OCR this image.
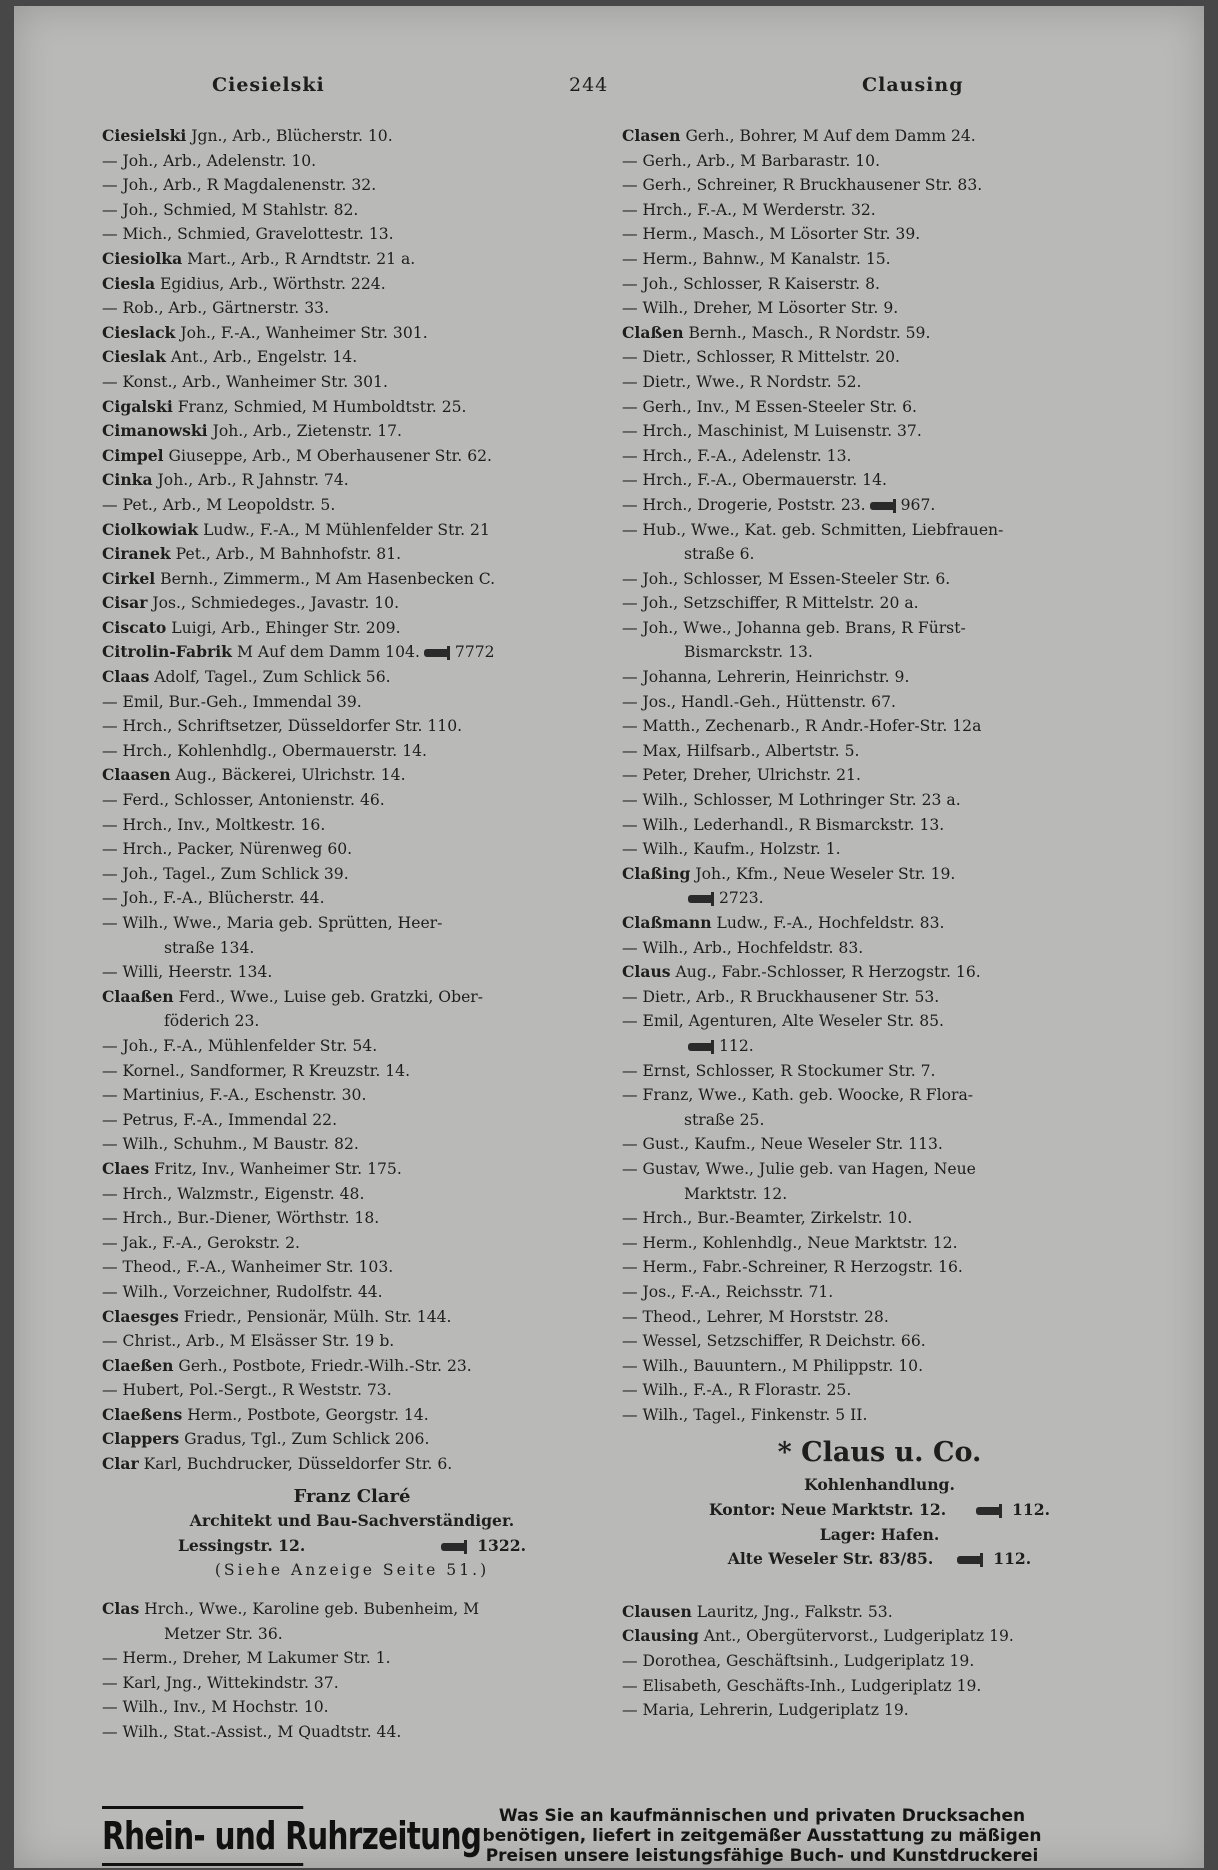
Ciesielski	244	Clausing
Ciesielski Jgn., Arb., Blücherstr. 10.
— Joh., Arb., Adelenstr. 10.
— Joh., Arb., R Magdalenenstr. 32.
— Joh., Schmied, M Stahlstr. 82.
— Mich., Schmied, Gravelottestr. 13.
Ciesiolka Mart., Arb., R Arndtstr. 21 a.
Ciesla Egidius, Arb., Wörthstr. 224.
— Rob., Arb., Gärtnerstr. 33.
Cieslack Joh., F.-A., Wanheimer Str. 301.
Cieslak Ant., Arb., Engelstr. 14.
— Konst., Arb., Wanheimer Str. 301.
Cigalski Franz, Schmied, M Humboldtstr. 25.
Cimanowski Joh., Arb., Zietenstr. 17.
Cimpel Giuseppe, Arb., M Oberhausener Str. 62.
Cinka Joh., Arb., R Jahnstr. 74.
— Pet., Arb., M Leopoldstr. 5.
Ciolkowiak Ludw., F.-A., M Mühlenfelder Str. 21
Ciranek Pet., Arb., M Bahnhofstr. 81.
Cirkel Bernh., Zimmerm., M Am Hasenbecken C.
Cisar Jos., Schmiedeges., Javastr. 10.
Ciscato Luigi, Arb., Ehinger Str. 209.
Citrolin-Fabrik M Auf dem Damm 104. 7772
Claas Adolf, Tagel., Zum Schlick 56.
— Emil, Bur.-Geh., Immendal 39.
— Hrch., Schriftsetzer, Düsseldorfer Str. 110.
— Hrch., Kohlenhdlg., Obermauerstr. 14.
Claasen Aug., Bäckerei, Ulrichstr. 14.
— Ferd., Schlosser, Antonienstr. 46.
— Hrch., Inv., Moltkestr. 16.
— Hrch., Packer, Nürenweg 60.
— Joh., Tagel., Zum Schlick 39.
— Joh., F.-A., Blücherstr. 44.
— Wilh., Wwe., Maria geb. Sprütten, Heer-
straße 134.
— Willi, Heerstr. 134.
Claaßen Ferd., Wwe., Luise geb. Gratzki, Ober-
föderich 23.
— Joh., F.-A., Mühlenfelder Str. 54.
— Kornel., Sandformer, R Kreuzstr. 14.
— Martinius, F.-A., Eschenstr. 30.
— Petrus, F.-A., Immendal 22.
— Wilh., Schuhm., M Baustr. 82.
Claes Fritz, Inv., Wanheimer Str. 175.
— Hrch., Walzmstr., Eigenstr. 48.
— Hrch., Bur.-Diener, Wörthstr. 18.
— Jak., F.-A., Gerokstr. 2.
— Theod., F.-A., Wanheimer Str. 103.
— Wilh., Vorzeichner, Rudolfstr. 44.
Claesges Friedr., Pensionär, Mülh. Str. 144.
— Christ., Arb., M Elsässer Str. 19 b.
Claeßen Gerh., Postbote, Friedr.-Wilh.-Str. 23.
— Hubert, Pol.-Sergt., R Weststr. 73.
Claeßens Herm., Postbote, Georgstr. 14.
Clappers Gradus, Tgl., Zum Schlick 206.
Clar Karl, Buchdrucker, Düsseldorfer Str. 6.
Franz Claré
Architekt und Bau-Sachverständiger.
Lessingstr. 12.	1322.
(Siehe Anzeige Seite 51.)
Clas Hrch., Wwe., Karoline geb. Bubenheim, M
Metzer Str. 36.
— Herm., Dreher, M Lakumer Str. 1.
— Karl, Jng., Wittekindstr. 37.
— Wilh., Inv., M Hochstr. 10.
— Wilh., Stat.-Assist., M Quadtstr. 44.
Clasen Gerh., Bohrer, M Auf dem Damm 24.
— Gerh., Arb., M Barbarastr. 10.
— Gerh., Schreiner, R Bruckhausener Str. 83.
— Hrch., F.-A., M Werderstr. 32.
— Herm., Masch., M Lösorter Str. 39.
— Herm., Bahnw., M Kanalstr. 15.
— Joh., Schlosser, R Kaiserstr. 8.
— Wilh., Dreher, M Lösorter Str. 9.
Claßen Bernh., Masch., R Nordstr. 59.
— Dietr., Schlosser, R Mittelstr. 20.
— Dietr., Wwe., R Nordstr. 52.
— Gerh., Inv., M Essen-Steeler Str. 6.
— Hrch., Maschinist, M Luisenstr. 37.
— Hrch., F.-A., Adelenstr. 13.
— Hrch., F.-A., Obermauerstr. 14.
— Hrch., Drogerie, Poststr. 23. 967.
— Hub., Wwe., Kat. geb. Schmitten, Liebfrauen-
straße 6.
— Joh., Schlosser, M Essen-Steeler Str. 6.
— Joh., Setzschiffer, R Mittelstr. 20 a.
— Joh., Wwe., Johanna geb. Brans, R Fürst-
Bismarckstr. 13.
— Johanna, Lehrerin, Heinrichstr. 9.
— Jos., Handl.-Geh., Hüttenstr. 67.
— Matth., Zechenarb., R Andr.-Hofer-Str. 12a
— Max, Hilfsarb., Albertstr. 5.
— Peter, Dreher, Ulrichstr. 21.
— Wilh., Schlosser, M Lothringer Str. 23 a.
— Wilh., Lederhandl., R Bismarckstr. 13.
— Wilh., Kaufm., Holzstr. 1.
Claßing Joh., Kfm., Neue Weseler Str. 19.
2723.
Claßmann Ludw., F.-A., Hochfeldstr. 83.
— Wilh., Arb., Hochfeldstr. 83.
Claus Aug., Fabr.-Schlosser, R Herzogstr. 16.
— Dietr., Arb., R Bruckhausener Str. 53.
— Emil, Agenturen, Alte Weseler Str. 85.
112.
— Ernst, Schlosser, R Stockumer Str. 7.
— Franz, Wwe., Kath. geb. Woocke, R Flora-
straße 25.
— Gust., Kaufm., Neue Weseler Str. 113.
— Gustav, Wwe., Julie geb. van Hagen, Neue
Marktstr. 12.
— Hrch., Bur.-Beamter, Zirkelstr. 10.
— Herm., Kohlenhdlg., Neue Marktstr. 12.
— Herm., Fabr.-Schreiner, R Herzogstr. 16.
— Jos., F.-A., Reichsstr. 71.
— Theod., Lehrer, M Horststr. 28.
— Wessel, Setzschiffer, R Deichstr. 66.
— Wilh., Bauuntern., M Philippstr. 10.
— Wilh., F.-A., R Florastr. 25.
— Wilh., Tagel., Finkenstr. 5 II.
* Claus u. Co.
Kohlenhandlung.
Kontor: Neue Marktstr. 12.	112.
Lager: Hafen.
Alte Weseler Str. 83/85.	112.
Clausen Lauritz, Jng., Falkstr. 53.
Clausing Ant., Obergütervorst., Ludgeriplatz 19.
— Dorothea, Geschäftsinh., Ludgeriplatz 19.
— Elisabeth, Geschäfts-Inh., Ludgeriplatz 19.
— Maria, Lehrerin, Ludgeriplatz 19.
Rhein- und Ruhrzeitung	Was Sie an kaufmännischen und privaten Drucksachen
benötigen, liefert in zeitgemäßer Ausstattung zu mäßigen
Preisen unsere leistungsfähige Buch- und Kunstdruckerei
